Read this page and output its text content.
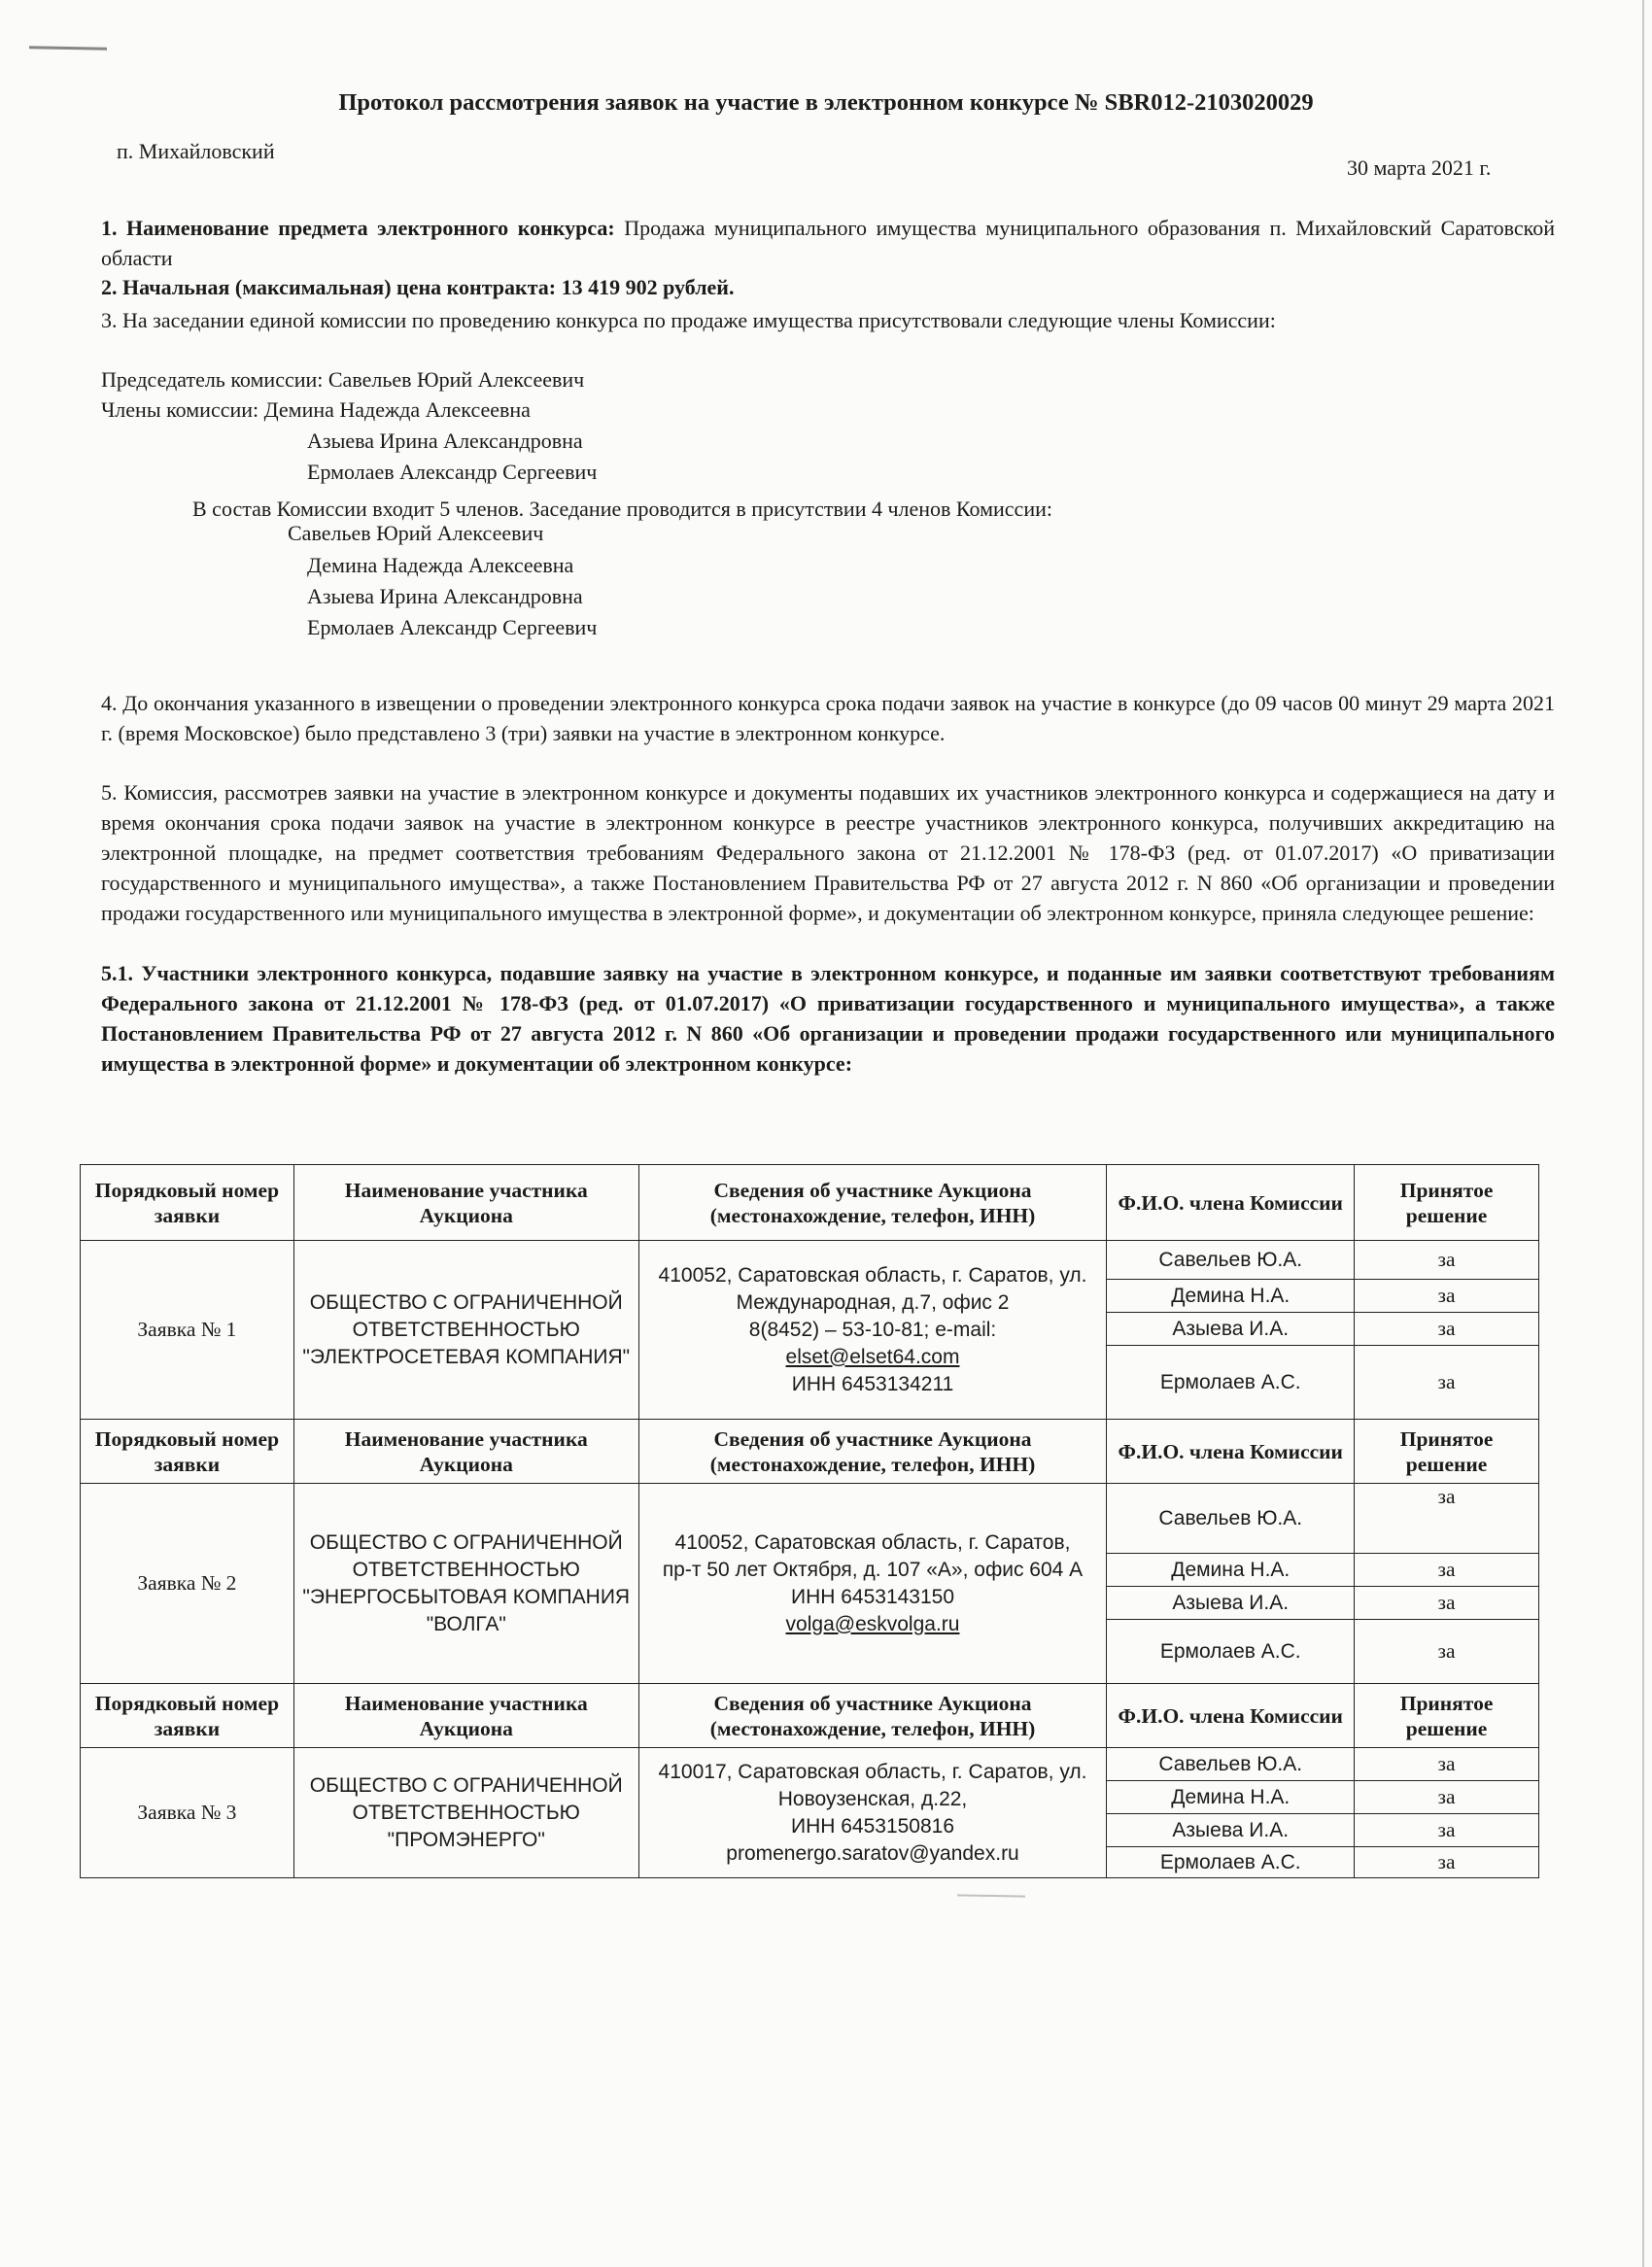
Протокол рассмотрения заявок на участие в электронном конкурсе № SBR012-2103020029
п. Михайловский
30 марта 2021 г.
1. Наименование предмета электронного конкурса: Продажа муниципального имущества муниципального образования п. Михайловский Саратовской области
2. Начальная (максимальная) цена контракта: 13 419 902 рублей.
3. На заседании единой комиссии по проведению конкурса по продаже имущества присутствовали следующие члены Комиссии:
Председатель комиссии: Савельев Юрий Алексеевич
Члены комиссии: Демина Надежда Алексеевна
Азыева Ирина Александровна
Ермолаев Александр Сергеевич
В состав Комиссии входит 5 членов. Заседание проводится в присутствии 4 членов Комиссии:
Савельев Юрий Алексеевич
Демина Надежда Алексеевна
Азыева Ирина Александровна
Ермолаев Александр Сергеевич
4. До окончания указанного в извещении о проведении электронного конкурса срока подачи заявок на участие в конкурсе (до 09 часов 00 минут 29 марта 2021 г. (время Московское) было представлено 3 (три) заявки на участие в электронном конкурсе.
5. Комиссия, рассмотрев заявки на участие в электронном конкурсе и документы подавших их участников электронного конкурса и содержащиеся на дату и время окончания срока подачи заявок на участие в электронном конкурсе в реестре участников электронного конкурса, получивших аккредитацию на электронной площадке, на предмет соответствия требованиям Федерального закона от 21.12.2001 № 178-ФЗ (ред. от 01.07.2017) «О приватизации государственного и муниципального имущества», а также Постановлением Правительства РФ от 27 августа 2012 г. N 860 «Об организации и проведении продажи государственного или муниципального имущества в электронной форме», и документации об электронном конкурсе, приняла следующее решение:
5.1. Участники электронного конкурса, подавшие заявку на участие в электронном конкурсе, и поданные им заявки соответствуют требованиям Федерального закона от 21.12.2001 № 178-ФЗ (ред. от 01.07.2017) «О приватизации государственного и муниципального имущества», а также Постановлением Правительства РФ от 27 августа 2012 г. N 860 «Об организации и проведении продажи государственного или муниципального имущества в электронной форме» и документации об электронном конкурсе:
Порядковый номер заявки	Наименование участника Аукциона	Сведения об участнике Аукциона (местонахождение, телефон, ИНН)	Ф.И.О. члена Комиссии	Принятое решение
Заявка № 1	ОБЩЕСТВО С ОГРАНИЧЕННОЙ ОТВЕТСТВЕННОСТЬЮ "ЭЛЕКТРОСЕТЕВАЯ КОМПАНИЯ"	410052, Саратовская область, г. Саратов, ул. Международная, д.7, офис 2
8(8452) – 53-10-81; e-mail:
elset@elset64.com
ИНН 6453134211	Савельев Ю.А.	за
			Демина Н.А.	за
			Азыева И.А.	за
			Ермолаев А.С.	за
Порядковый номер заявки	Наименование участника Аукциона	Сведения об участнике Аукциона (местонахождение, телефон, ИНН)	Ф.И.О. члена Комиссии	Принятое решение
Заявка № 2	ОБЩЕСТВО С ОГРАНИЧЕННОЙ ОТВЕТСТВЕННОСТЬЮ "ЭНЕРГОСБЫТОВАЯ КОМПАНИЯ "ВОЛГА"	410052, Саратовская область, г. Саратов,
пр-т 50 лет Октября, д. 107 «А», офис 604 А
ИНН 6453143150
volga@eskvolga.ru	Савельев Ю.А.	за
			Демина Н.А.	за
			Азыева И.А.	за
			Ермолаев А.С.	за
Порядковый номер заявки	Наименование участника Аукциона	Сведения об участнике Аукциона (местонахождение, телефон, ИНН)	Ф.И.О. члена Комиссии	Принятое решение
Заявка № 3	ОБЩЕСТВО С ОГРАНИЧЕННОЙ ОТВЕТСТВЕННОСТЬЮ "ПРОМЭНЕРГО"	410017, Саратовская область, г. Саратов, ул. Новоузенская, д.22,
ИНН 6453150816
promenergo.saratov@yandex.ru	Савельев Ю.А.	за
			Демина Н.А.	за
			Азыева И.А.	за
			Ермолаев А.С.	за
